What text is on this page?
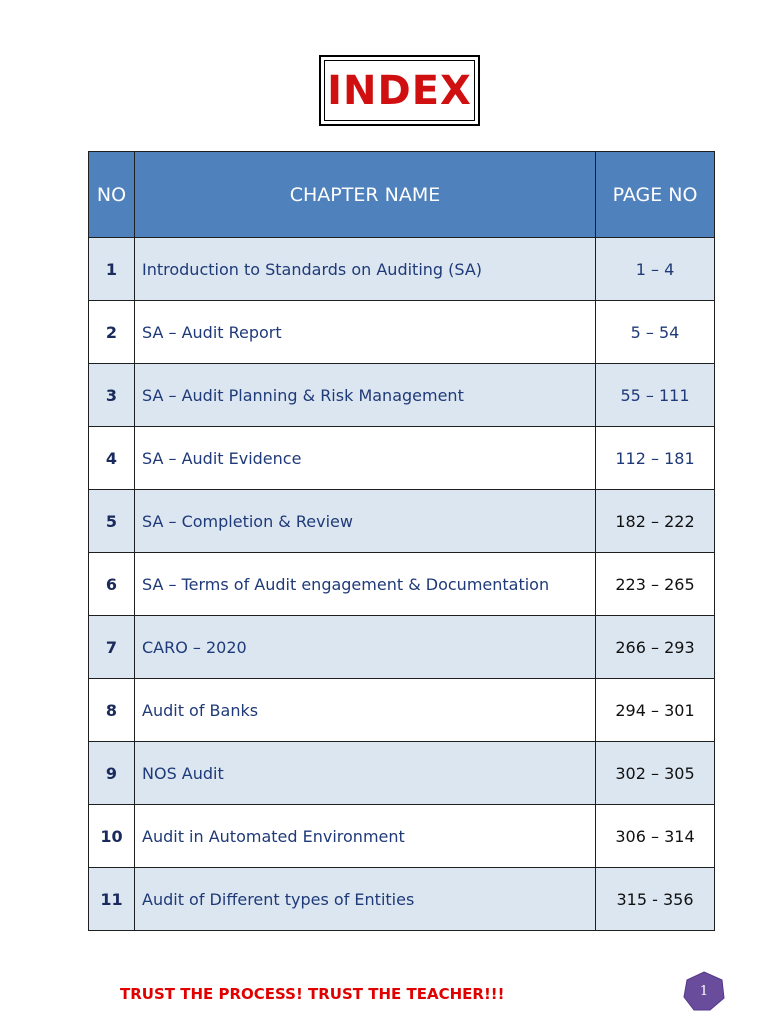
INDEX
NO	CHAPTER NAME	PAGE NO
1	Introduction to Standards on Auditing (SA)	1 – 4
2	SA – Audit Report	5 – 54
3	SA – Audit Planning & Risk Management	55 – 111
4	SA – Audit Evidence	112 – 181
5	SA – Completion & Review	182 – 222
6	SA – Terms of Audit engagement & Documentation	223 – 265
7	CARO – 2020	266 – 293
8	Audit of Banks	294 – 301
9	NOS Audit	302 – 305
10	Audit in Automated Environment	306 – 314
11	Audit of Different types of Entities	315 - 356
TRUST THE PROCESS! TRUST THE TEACHER!!!	1
